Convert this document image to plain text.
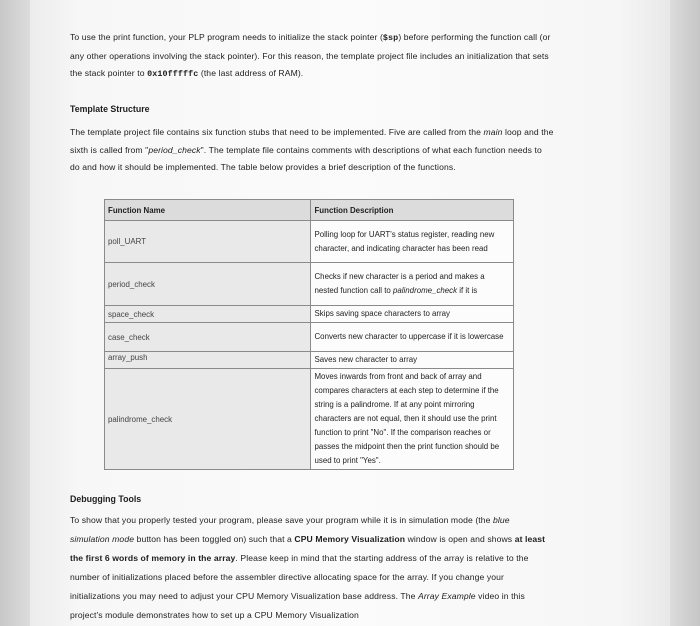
To use the print function, your PLP program needs to initialize the stack pointer ($sp) before performing the function call (or any other operations involving the stack pointer). For this reason, the template project file includes an initialization that sets the stack pointer to 0x10fffffc (the last address of RAM).

Template Structure

The template project file contains six function stubs that need to be implemented. Five are called from the main loop and the sixth is called from "period_check". The template file contains comments with descriptions of what each function needs to do and how it should be implemented. The table below provides a brief description of the functions.

Function Name	Function Description
poll_UART	Polling loop for UART's status register, reading new character, and indicating character has been read
period_check	Checks if new character is a period and makes a nested function call to palindrome_check if it is
space_check	Skips saving space characters to array
case_check	Converts new character to uppercase if it is lowercase
array_push	Saves new character to array
palindrome_check	Moves inwards from front and back of array and compares characters at each step to determine if the string is a palindrome. If at any point mirroring characters are not equal, then it should use the print function to print "No". If the comparison reaches or passes the midpoint then the print function should be used to print "Yes".
Debugging Tools

To show that you properly tested your program, please save your program while it is in simulation mode (the blue simulation mode button has been toggled on) such that a CPU Memory Visualization window is open and shows at least the first 6 words of memory in the array. Please keep in mind that the starting address of the array is relative to the number of initializations placed before the assembler directive allocating space for the array. If you change your initializations you may need to adjust your CPU Memory Visualization base address. The Array Example video in this project's module demonstrates how to set up a CPU Memory Visualization
